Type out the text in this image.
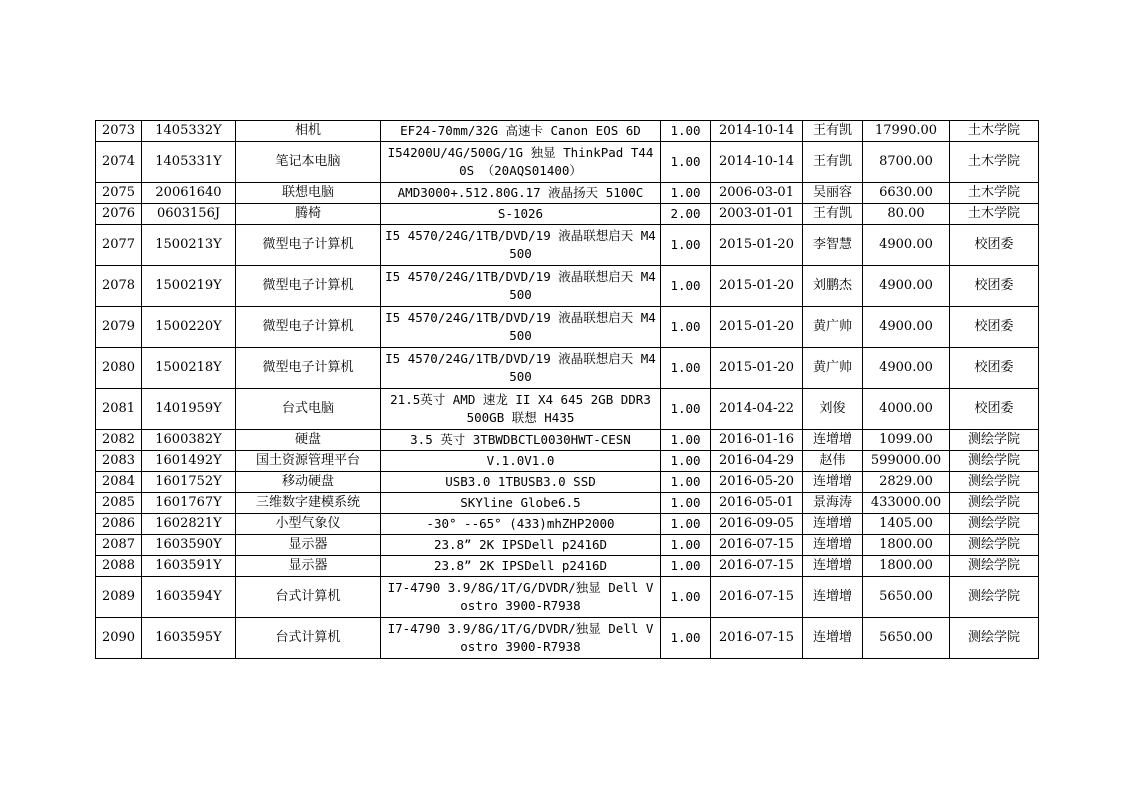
2073	1405332Y	相机	EF24-70mm/32G 高速卡 Canon EOS 6D	1.00	2014-10-14	王有凯	17990.00	土木学院
2074	1405331Y	笔记本电脑	I54200U/4G/500G/1G 独显 ThinkPad T440S （20AQS01400）	1.00	2014-10-14	王有凯	8700.00	土木学院
2075	20061640	联想电脑	AMD3000+.512.80G.17 液晶扬天 5100C	1.00	2006-03-01	吴丽容	6630.00	土木学院
2076	0603156J	腾椅	S-1026	2.00	2003-01-01	王有凯	80.00	土木学院
2077	1500213Y	微型电子计算机	I5 4570/24G/1TB/DVD/19 液晶联想启天 M4500	1.00	2015-01-20	李智慧	4900.00	校团委
2078	1500219Y	微型电子计算机	I5 4570/24G/1TB/DVD/19 液晶联想启天 M4500	1.00	2015-01-20	刘鹏杰	4900.00	校团委
2079	1500220Y	微型电子计算机	I5 4570/24G/1TB/DVD/19 液晶联想启天 M4500	1.00	2015-01-20	黄广帅	4900.00	校团委
2080	1500218Y	微型电子计算机	I5 4570/24G/1TB/DVD/19 液晶联想启天 M4500	1.00	2015-01-20	黄广帅	4900.00	校团委
2081	1401959Y	台式电脑	21.5英寸 AMD 速龙 II X4 645 2GB DDR3 500GB 联想 H435	1.00	2014-04-22	刘俊	4000.00	校团委
2082	1600382Y	硬盘	3.5 英寸 3TBWDBCTL0030HWT-CESN	1.00	2016-01-16	连增增	1099.00	测绘学院
2083	1601492Y	国土资源管理平台	V.1.0V1.0	1.00	2016-04-29	赵伟	599000.00	测绘学院
2084	1601752Y	移动硬盘	USB3.0 1TBUSB3.0 SSD	1.00	2016-05-20	连增增	2829.00	测绘学院
2085	1601767Y	三维数字建模系统	SKYline Globe6.5	1.00	2016-05-01	景海涛	433000.00	测绘学院
2086	1602821Y	小型气象仪	-30° --65° (433)mhZHP2000	1.00	2016-09-05	连增增	1405.00	测绘学院
2087	1603590Y	显示器	23.8” 2K IPSDell p2416D	1.00	2016-07-15	连增增	1800.00	测绘学院
2088	1603591Y	显示器	23.8” 2K IPSDell p2416D	1.00	2016-07-15	连增增	1800.00	测绘学院
2089	1603594Y	台式计算机	I7-4790 3.9/8G/1T/G/DVDR/独显 Dell Vostro 3900-R7938	1.00	2016-07-15	连增增	5650.00	测绘学院
2090	1603595Y	台式计算机	I7-4790 3.9/8G/1T/G/DVDR/独显 Dell Vostro 3900-R7938	1.00	2016-07-15	连增增	5650.00	测绘学院
